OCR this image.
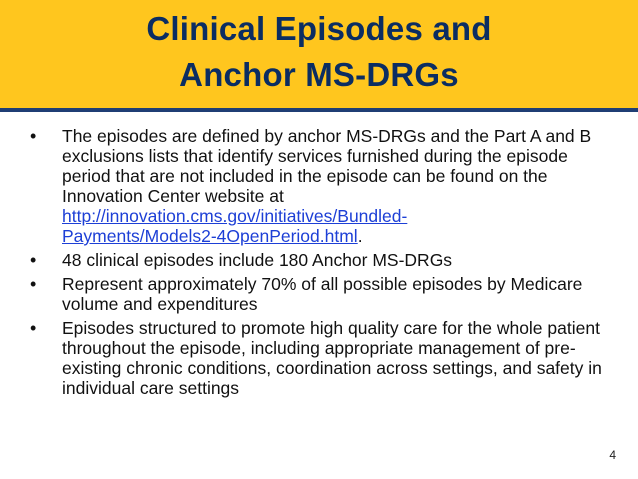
Clinical Episodes and
Anchor MS-DRGs
• The episodes are defined by anchor MS-DRGs and the Part A and B exclusions lists that identify services furnished during the episode period that are not included in the episode can be found on the Innovation Center website at http://innovation.cms.gov/initiatives/Bundled-
Payments/Models2-4OpenPeriod.html.
• 48 clinical episodes include 180 Anchor MS-DRGs
• Represent approximately 70% of all possible episodes by Medicare volume and expenditures
• Episodes structured to promote high quality care for the whole patient throughout the episode, including appropriate management of pre-existing chronic conditions, coordination across settings, and safety in individual care settings
4
